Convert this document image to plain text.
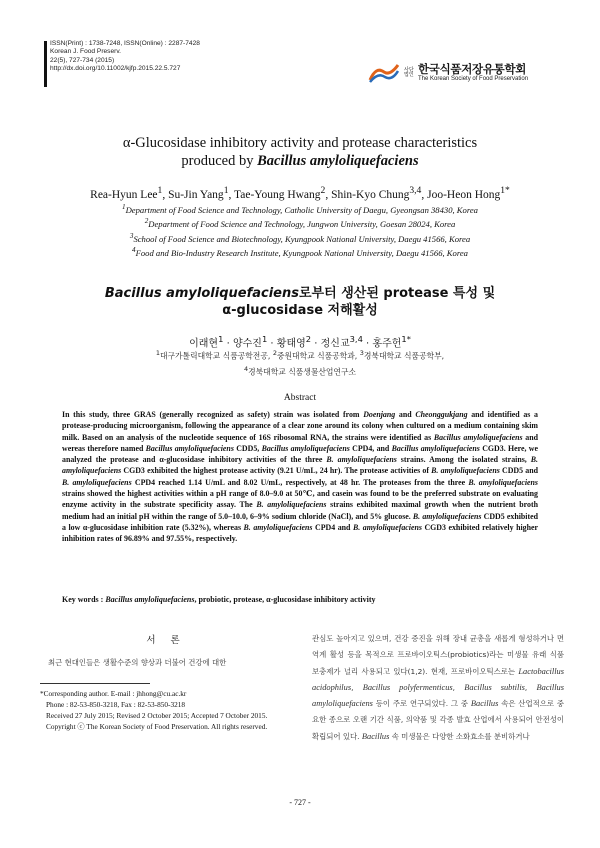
ISSN(Print) : 1738-7248, ISSN(Online) : 2287-7428
Korean J. Food Preserv.
22(5), 727-734 (2015)
http://dx.doi.org/10.11002/kjfp.2015.22.5.727	사단 법인 한국식품저장유통학회
The Korean Society of Food Preservation
α-Glucosidase inhibitory activity and protease characteristics
produced by Bacillus amyloliquefaciens
Rea-Hyun Lee$^1$, Su-Jin Yang$^1$, Tae-Young Hwang$^2$, Shin-Kyo Chung$^{3,4}$, Joo-Heon Hong$^{1*}$
$^1$Department of Food Science and Technology, Catholic University of Daegu, Gyeongsan 38430, Korea
$^2$Department of Food Science and Technology, Jungwon University, Goesan 28024, Korea
$^3$School of Food Science and Biotechnology, Kyungpook National University, Daegu 41566, Korea
$^4$Food and Bio-Industry Research Institute, Kyungpook National University, Daegu 41566, Korea
Bacillus amyloliquefaciens로부터 생산된 protease 특성 및
α-glucosidase 저해활성
이래현$^1$ · 양수진$^1$ · 황태영$^2$ · 정신교$^{3,4}$ · 홍주헌$^{1*}$
$^1$대구가톨릭대학교 식품공학전공, $^2$중원대학교 식품공학과, $^3$경북대학교 식품공학부,
$^4$경북대학교 식품생물산업연구소
Abstract
In this study, three GRAS (generally recognized as safety) strain was isolated from Doenjang and Cheonggukjang and identified as a protease-producing microorganism, following the appearance of a clear zone around its colony when cultured on a medium containing skim milk. Based on an analysis of the nucleotide sequence of 16S ribosomal RNA, the strains were identified as Bacillus amyloliquefaciens and wereas therefore named Bacillus amyloliquefaciens CDD5, Bacillus amyloliquefaciens CPD4, and Bacillus amyloliquefaciens CGD3. Here, we analyzed the protease and α-glucosidase inhibitory activities of the three B. amyloliquefaciens strains. Among the isolated strains, B. amyloliquefaciens CGD3 exhibited the highest protease activity (9.21 U/mL, 24 hr). The protease activities of B. amyloliquefaciens CDD5 and B. amyloliquefaciens CPD4 reached 1.14 U/mL and 8.02 U/mL, respectively, at 48 hr. The proteases from the three B. amyloliquefaciens strains showed the highest activities within a pH range of 8.0–9.0 at 50℃, and casein was found to be the preferred substrate on evaluating enzyme activity in the substrate specificity assay. The B. amyloliquefaciens strains exhibited maximal growth when the nutrient broth medium had an initial pH within the range of 5.0–10.0, 6–9% sodium chloride (NaCl), and 5% glucose. B. amyloliquefaciens CDD5 exhibited a low α-glucosidase inhibition rate (5.32%), whereas B. amyloliquefaciens CPD4 and B. amyloliquefaciens CGD3 exhibited relatively higher inhibition rates of 96.89% and 97.55%, respectively.
Key words : Bacillus amyloliquefaciens, probiotic, protease, α-glucosidase inhibitory activity
서 론
최근 현대인들은 생활수준의 향상과 더불어 건강에 대한
*Corresponding author. E-mail : jhhong@cu.ac.kr
Phone : 82-53-850-3218, Fax : 82-53-850-3218
Received 27 July 2015; Revised 2 October 2015; Accepted 7 October 2015.
Copyright ⓒ The Korean Society of Food Preservation. All rights reserved.
관심도 높아지고 있으며, 건강 증진을 위해 장내 균총을 새롭게 형성하거나 면역계 활성 등을 목적으로 프로바이오틱스(probiotics)라는 미생물 유래 식품 보충제가 널리 사용되고 있다(1,2). 현재, 프로바이오틱스로는 Lactobacillus acidophilus, Bacillus polyfermenticus, Bacillus subtilis, Bacillus amyloliquefaciens 등이 주로 연구되었다. 그 중 Bacillus 속은 산업적으로 중요한 종으로 오랜 기간 식품, 의약품 및 각종 발효 산업에서 사용되어 안전성이 확립되어 있다. Bacillus 속 미생물은 다양한 소화효소를 분비하거나
- 727 -
